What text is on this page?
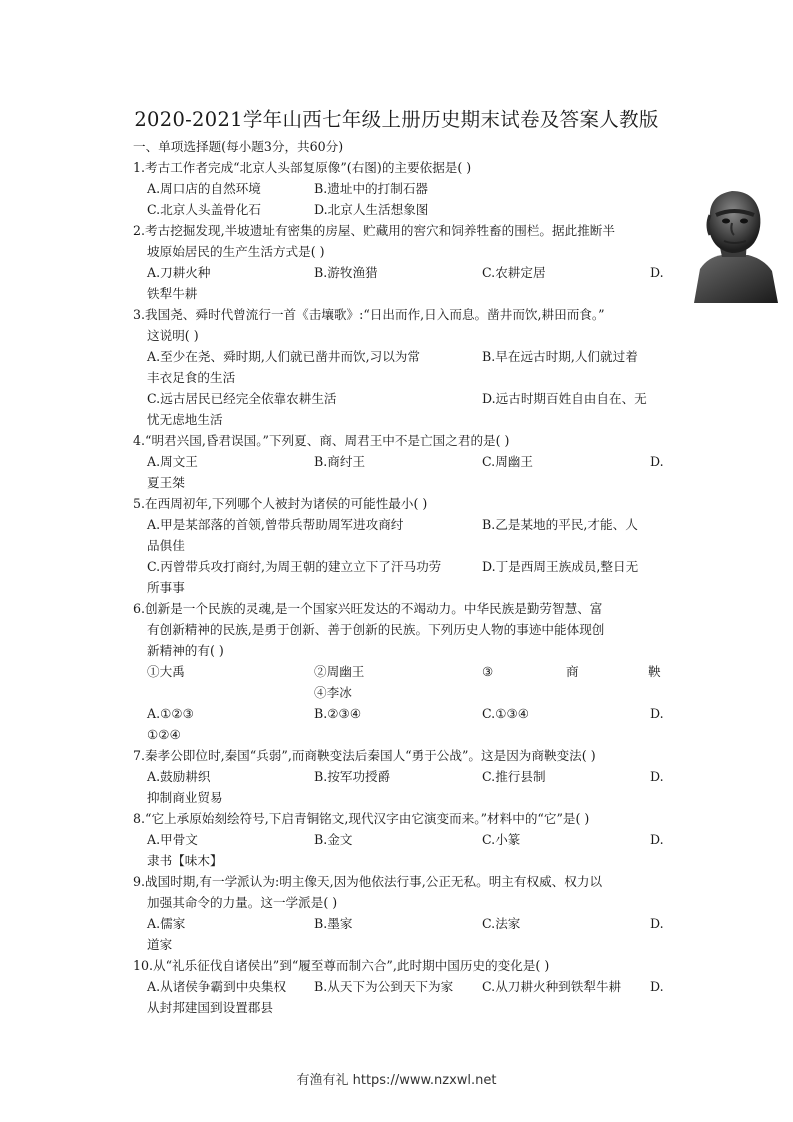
2020-2021学年山西七年级上册历史期末试卷及答案人教版
一、单项选择题(每小题3分，共60分)
1.考古工作者完成“北京人头部复原像”(右图)的主要依据是( )
A.周口店的自然环境	B.遗址中的打制石器
C.北京人头盖骨化石	D.北京人生活想象图
2.考古挖掘发现,半坡遗址有密集的房屋、贮藏用的窖穴和饲养牲畜的围栏。据此推断半
坡原始居民的生产生活方式是( )
A.刀耕火种	B.游牧渔猎	C.农耕定居	D.
铁犁牛耕
3.我国尧、舜时代曾流行一首《击壤歌》:“日出而作,日入而息。凿井而饮,耕田而食。”
这说明( )
A.至少在尧、舜时期,人们就已凿井而饮,习以为常	B.早在远古时期,人们就过着
丰衣足食的生活
C.远古居民已经完全依靠农耕生活	D.远古时期百姓自由自在、无
忧无虑地生活
4.“明君兴国,昏君误国。”下列夏、商、周君王中不是亡国之君的是( )
A.周文王	B.商纣王	C.周幽王	D.
夏王桀
5.在西周初年,下列哪个人被封为诸侯的可能性最小( )
A.甲是某部落的首领,曾带兵帮助周军进攻商纣	B.乙是某地的平民,才能、人
品俱佳
C.丙曾带兵攻打商纣,为周王朝的建立立下了汗马功劳	D.丁是西周王族成员,整日无
所事事
6.创新是一个民族的灵魂,是一个国家兴旺发达的不竭动力。中华民族是勤劳智慧、富
有创新精神的民族,是勇于创新、善于创新的民族。下列历史人物的事迹中能体现创
新精神的有( )
①大禹	②周幽王	③	商	鞅
④李冰
A.①②③	B.②③④	C.①③④	D.
①②④
7.秦孝公即位时,秦国“兵弱”,而商鞅变法后秦国人“勇于公战”。这是因为商鞅变法( )
A.鼓励耕织	B.按军功授爵	C.推行县制	D.
抑制商业贸易
8.“它上承原始刻绘符号,下启青铜铭文,现代汉字由它演变而来。”材料中的“它”是( )
A.甲骨文	B.金文	C.小篆	D.
隶书【味木】
9.战国时期,有一学派认为:明主像天,因为他依法行事,公正无私。明主有权威、权力以
加强其命令的力量。这一学派是( )
A.儒家	B.墨家	C.法家	D.
道家
10.从“礼乐征伐自诸侯出”到“履至尊而制六合”,此时期中国历史的变化是( )
A.从诸侯争霸到中央集权 B.从天下为公到天下为家 C.从刀耕火种到铁犁牛耕 D.
从封邦建国到设置郡县
有渔有礼 https://www.nzxwl.net
